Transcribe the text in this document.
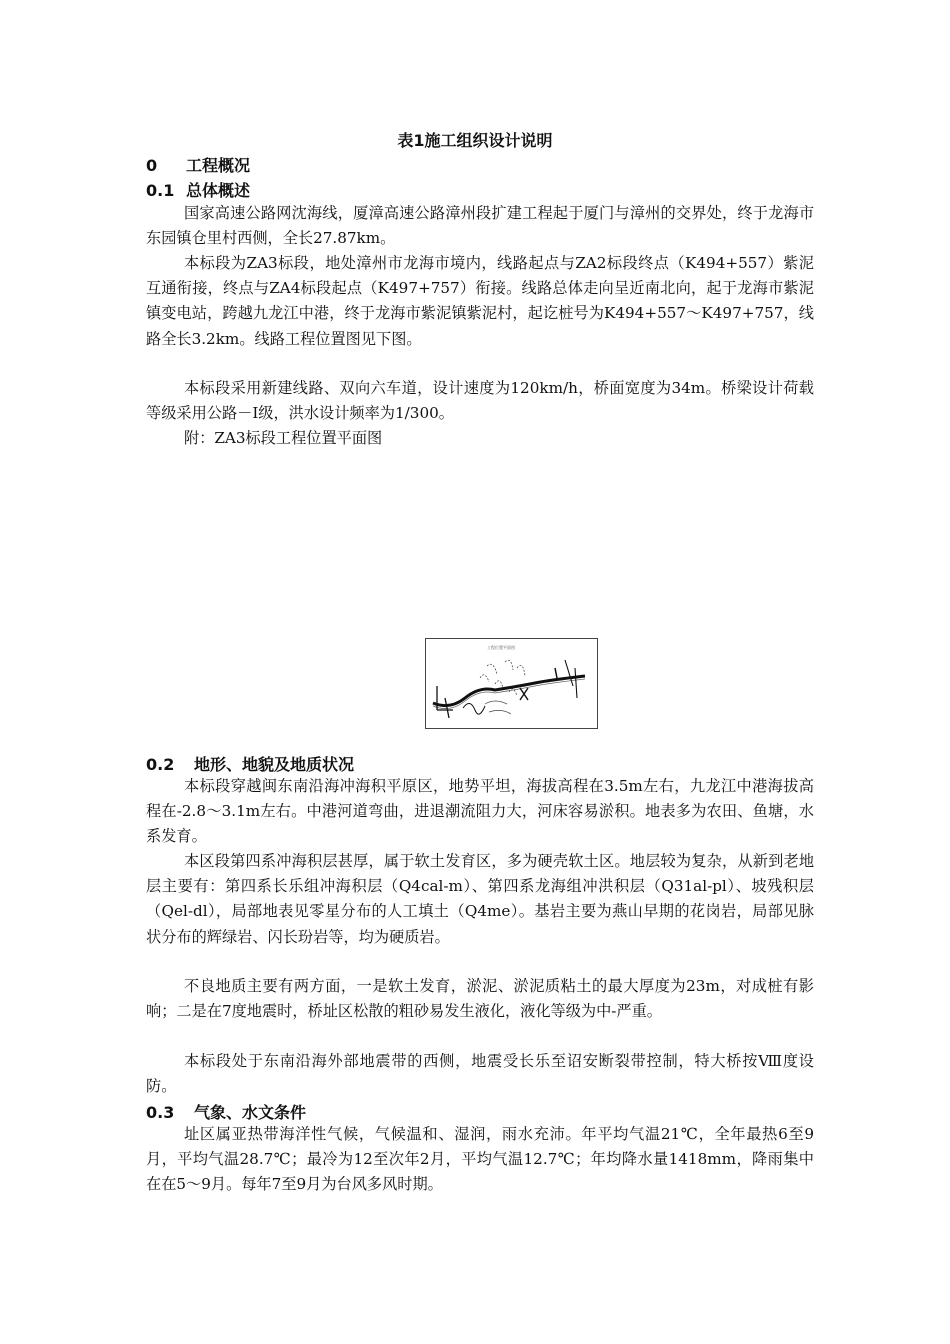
表1施工组织设计说明
0 工程概况
0.1 总体概述

国家高速公路网沈海线，厦漳高速公路漳州段扩建工程起于厦门与漳州的交界处，终于龙海市东园镇仓里村西侧，全长27.87km。

本标段为ZA3标段，地处漳州市龙海市境内，线路起点与ZA2标段终点（K494+557）紫泥互通衔接，终点与ZA4标段起点（K497+757）衔接。线路总体走向呈近南北向，起于龙海市紫泥镇变电站，跨越九龙江中港，终于龙海市紫泥镇紫泥村，起讫桩号为K494+557～K497+757，线路全长3.2km。线路工程位置图见下图。

本标段采用新建线路、双向六车道，设计速度为120km/h，桥面宽度为34m。桥梁设计荷载等级采用公路－Ⅰ级，洪水设计频率为1/300。

附：ZA3标段工程位置平面图

工程位置平面图
0.2 地形、地貌及地质状况

本标段穿越闽东南沿海冲海积平原区，地势平坦，海拔高程在3.5m左右，九龙江中港海拔高程在-2.8～3.1m左右。中港河道弯曲，进退潮流阻力大，河床容易淤积。地表多为农田、鱼塘，水系发育。

本区段第四系冲海积层甚厚，属于软土发育区，多为硬壳软土区。地层较为复杂，从新到老地层主要有：第四系长乐组冲海积层（Q4cal-m）、第四系龙海组冲洪积层（Q31al-pl）、坡残积层（Qel-dl），局部地表见零星分布的人工填土（Q4me）。基岩主要为燕山早期的花岗岩，局部见脉状分布的辉绿岩、闪长玢岩等，均为硬质岩。

不良地质主要有两方面，一是软土发育，淤泥、淤泥质粘土的最大厚度为23m，对成桩有影响；二是在7度地震时，桥址区松散的粗砂易发生液化，液化等级为中-严重。

本标段处于东南沿海外部地震带的西侧，地震受长乐至诏安断裂带控制，特大桥按Ⅷ度设防。

0.3 气象、水文条件

址区属亚热带海洋性气候，气候温和、湿润，雨水充沛。年平均气温21℃，全年最热6至9月，平均气温28.7℃；最冷为12至次年2月，平均气温12.7℃；年均降水量1418mm，降雨集中在在5～9月。每年7至9月为台风多风时期。
